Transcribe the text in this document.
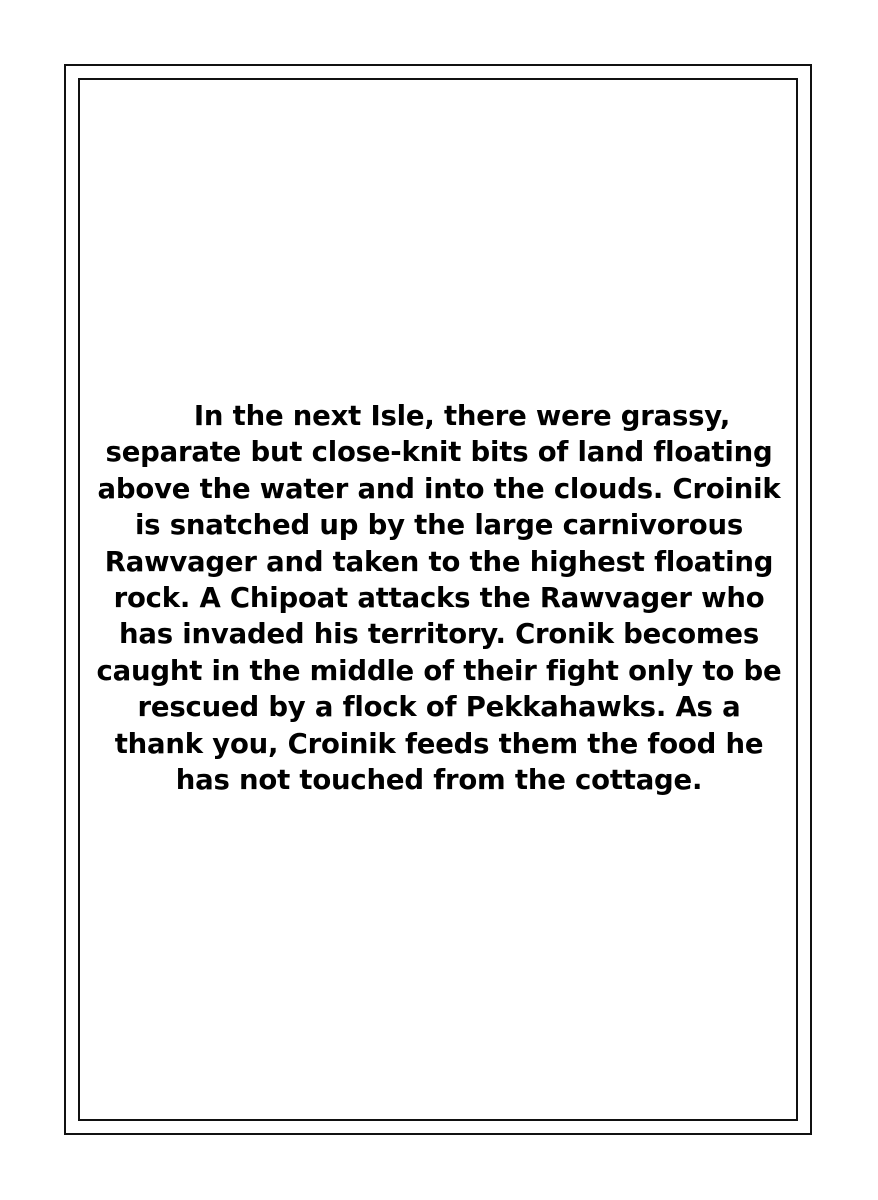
In the next Isle, there were grassy,
separate but close-knit bits of land floating
above the water and into the clouds. Croinik
is snatched up by the large carnivorous
Rawvager and taken to the highest floating
rock. A Chipoat attacks the Rawvager who
has invaded his territory. Cronik becomes
caught in the middle of their fight only to be
rescued by a flock of Pekkahawks. As a
thank you, Croinik feeds them the food he
has not touched from the cottage.
